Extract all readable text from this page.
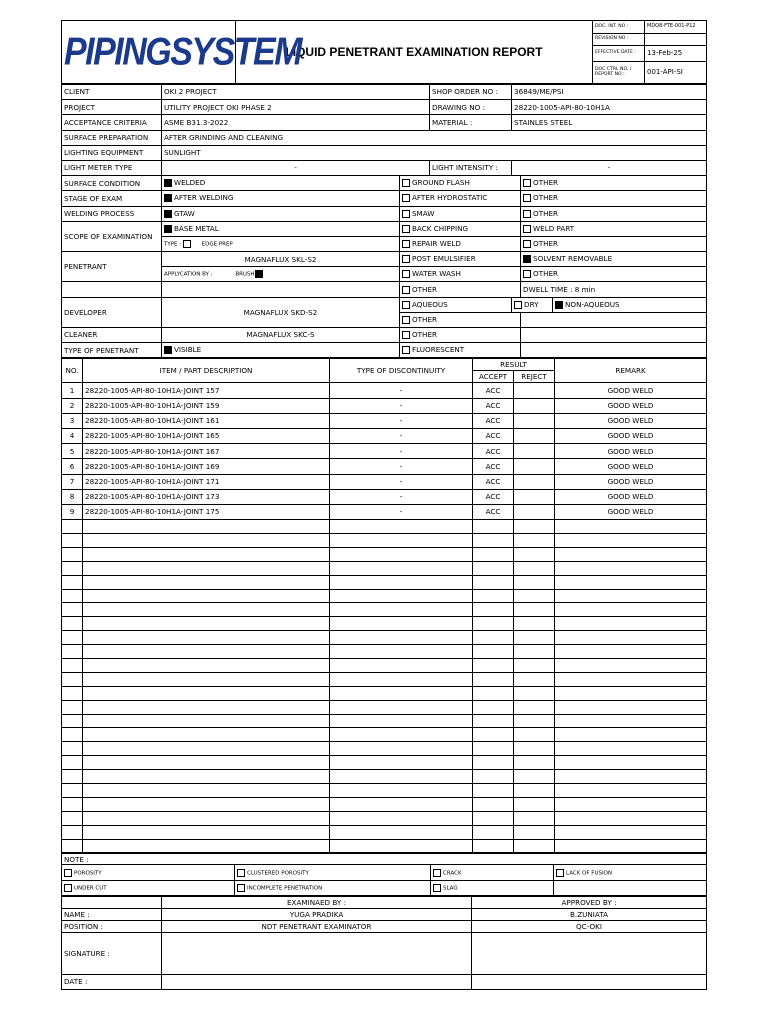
PIPINGSYSTEM	LIQUID PENETRANT EXAMINATION REPORT	DOC. INT. NO :	MDQ8-FTE-001-P12
		REVISION NO :	
		EFFECTIVE DATE :	13-Feb-25
		DOC CTRL NO. / REPORT NO :	001-API-SI
CLIENT	OKI 2 PROJECT		SHOP ORDER NO :	36849/ME/PSI		
PROJECT	UTILITY PROJECT OKI PHASE 2		DRAWING NO :	28220-1005-API-80-10H1A		
ACCEPTANCE CRITERIA	ASME B31.3-2022		MATERIAL :	STAINLES STEEL		
SURFACE PREPARATION	AFTER GRINDING AND CLEANING					
LIGHTING EQUIPMENT	SUNLIGHT					
LIGHT METER TYPE	-		LIGHT INTENSITY :	-		
SURFACE CONDITION	WELDED	GROUND FLASH			OTHER	
STAGE OF EXAM	AFTER WELDING	AFTER HYDROSTATIC			OTHER	
WELDING PROCESS	GTAW	SMAW			OTHER	
SCOPE OF EXAMINATION	BASE METAL	BACK CHIPPING			WELD PART	
	TYPE : EDGE PREP	REPAIR WELD			OTHER	
PENETRANT	MAGNAFLUX SKL-S2	POST EMULSIFIER			SOLVENT REMOVABLE	
	APPLYCATION BY : BRUSH	WATER WASH			OTHER	
		OTHER			DWELL TIME : 8 min	
DEVELOPER	MAGNAFLUX SKD-S2	AQUEOUS		DRY		NON-AQUEOUS
		OTHER				
CLEANER	MAGNAFLUX SKC-S	OTHER				
TYPE OF PENETRANT	VISIBLE	FLUORESCENT				
NO.	ITEM / PART DESCRIPTION	TYPE OF DISCONTINUITY	RESULT		REMARK
			ACCEPT	REJECT	
1	28220-1005-API-80-10H1A-JOINT 157	-	ACC		GOOD WELD
2	28220-1005-API-80-10H1A-JOINT 159	-	ACC		GOOD WELD
3	28220-1005-API-80-10H1A-JOINT 161	-	ACC		GOOD WELD
4	28220-1005-API-80-10H1A-JOINT 165	-	ACC		GOOD WELD
5	28220-1005-API-80-10H1A-JOINT 167	-	ACC		GOOD WELD
6	28220-1005-API-80-10H1A-JOINT 169	-	ACC		GOOD WELD
7	28220-1005-API-80-10H1A-JOINT 171	-	ACC		GOOD WELD
8	28220-1005-API-80-10H1A-JOINT 173	-	ACC		GOOD WELD
9	28220-1005-API-80-10H1A-JOINT 175	-	ACC		GOOD WELD

NOTE :			
POROSITY	CLUSTERED POROSITY	CRACK	LACK OF FUSION
UNDER CUT	INCOMPLETE PENETRATION	SLAG	
	EXAMINAED BY :	APPROVED BY :
NAME :	YUGA PRADIKA	B.ZUNIATA
POSITION :	NDT PENETRANT EXAMINATOR	QC-OKI
SIGNATURE :		
DATE :		
